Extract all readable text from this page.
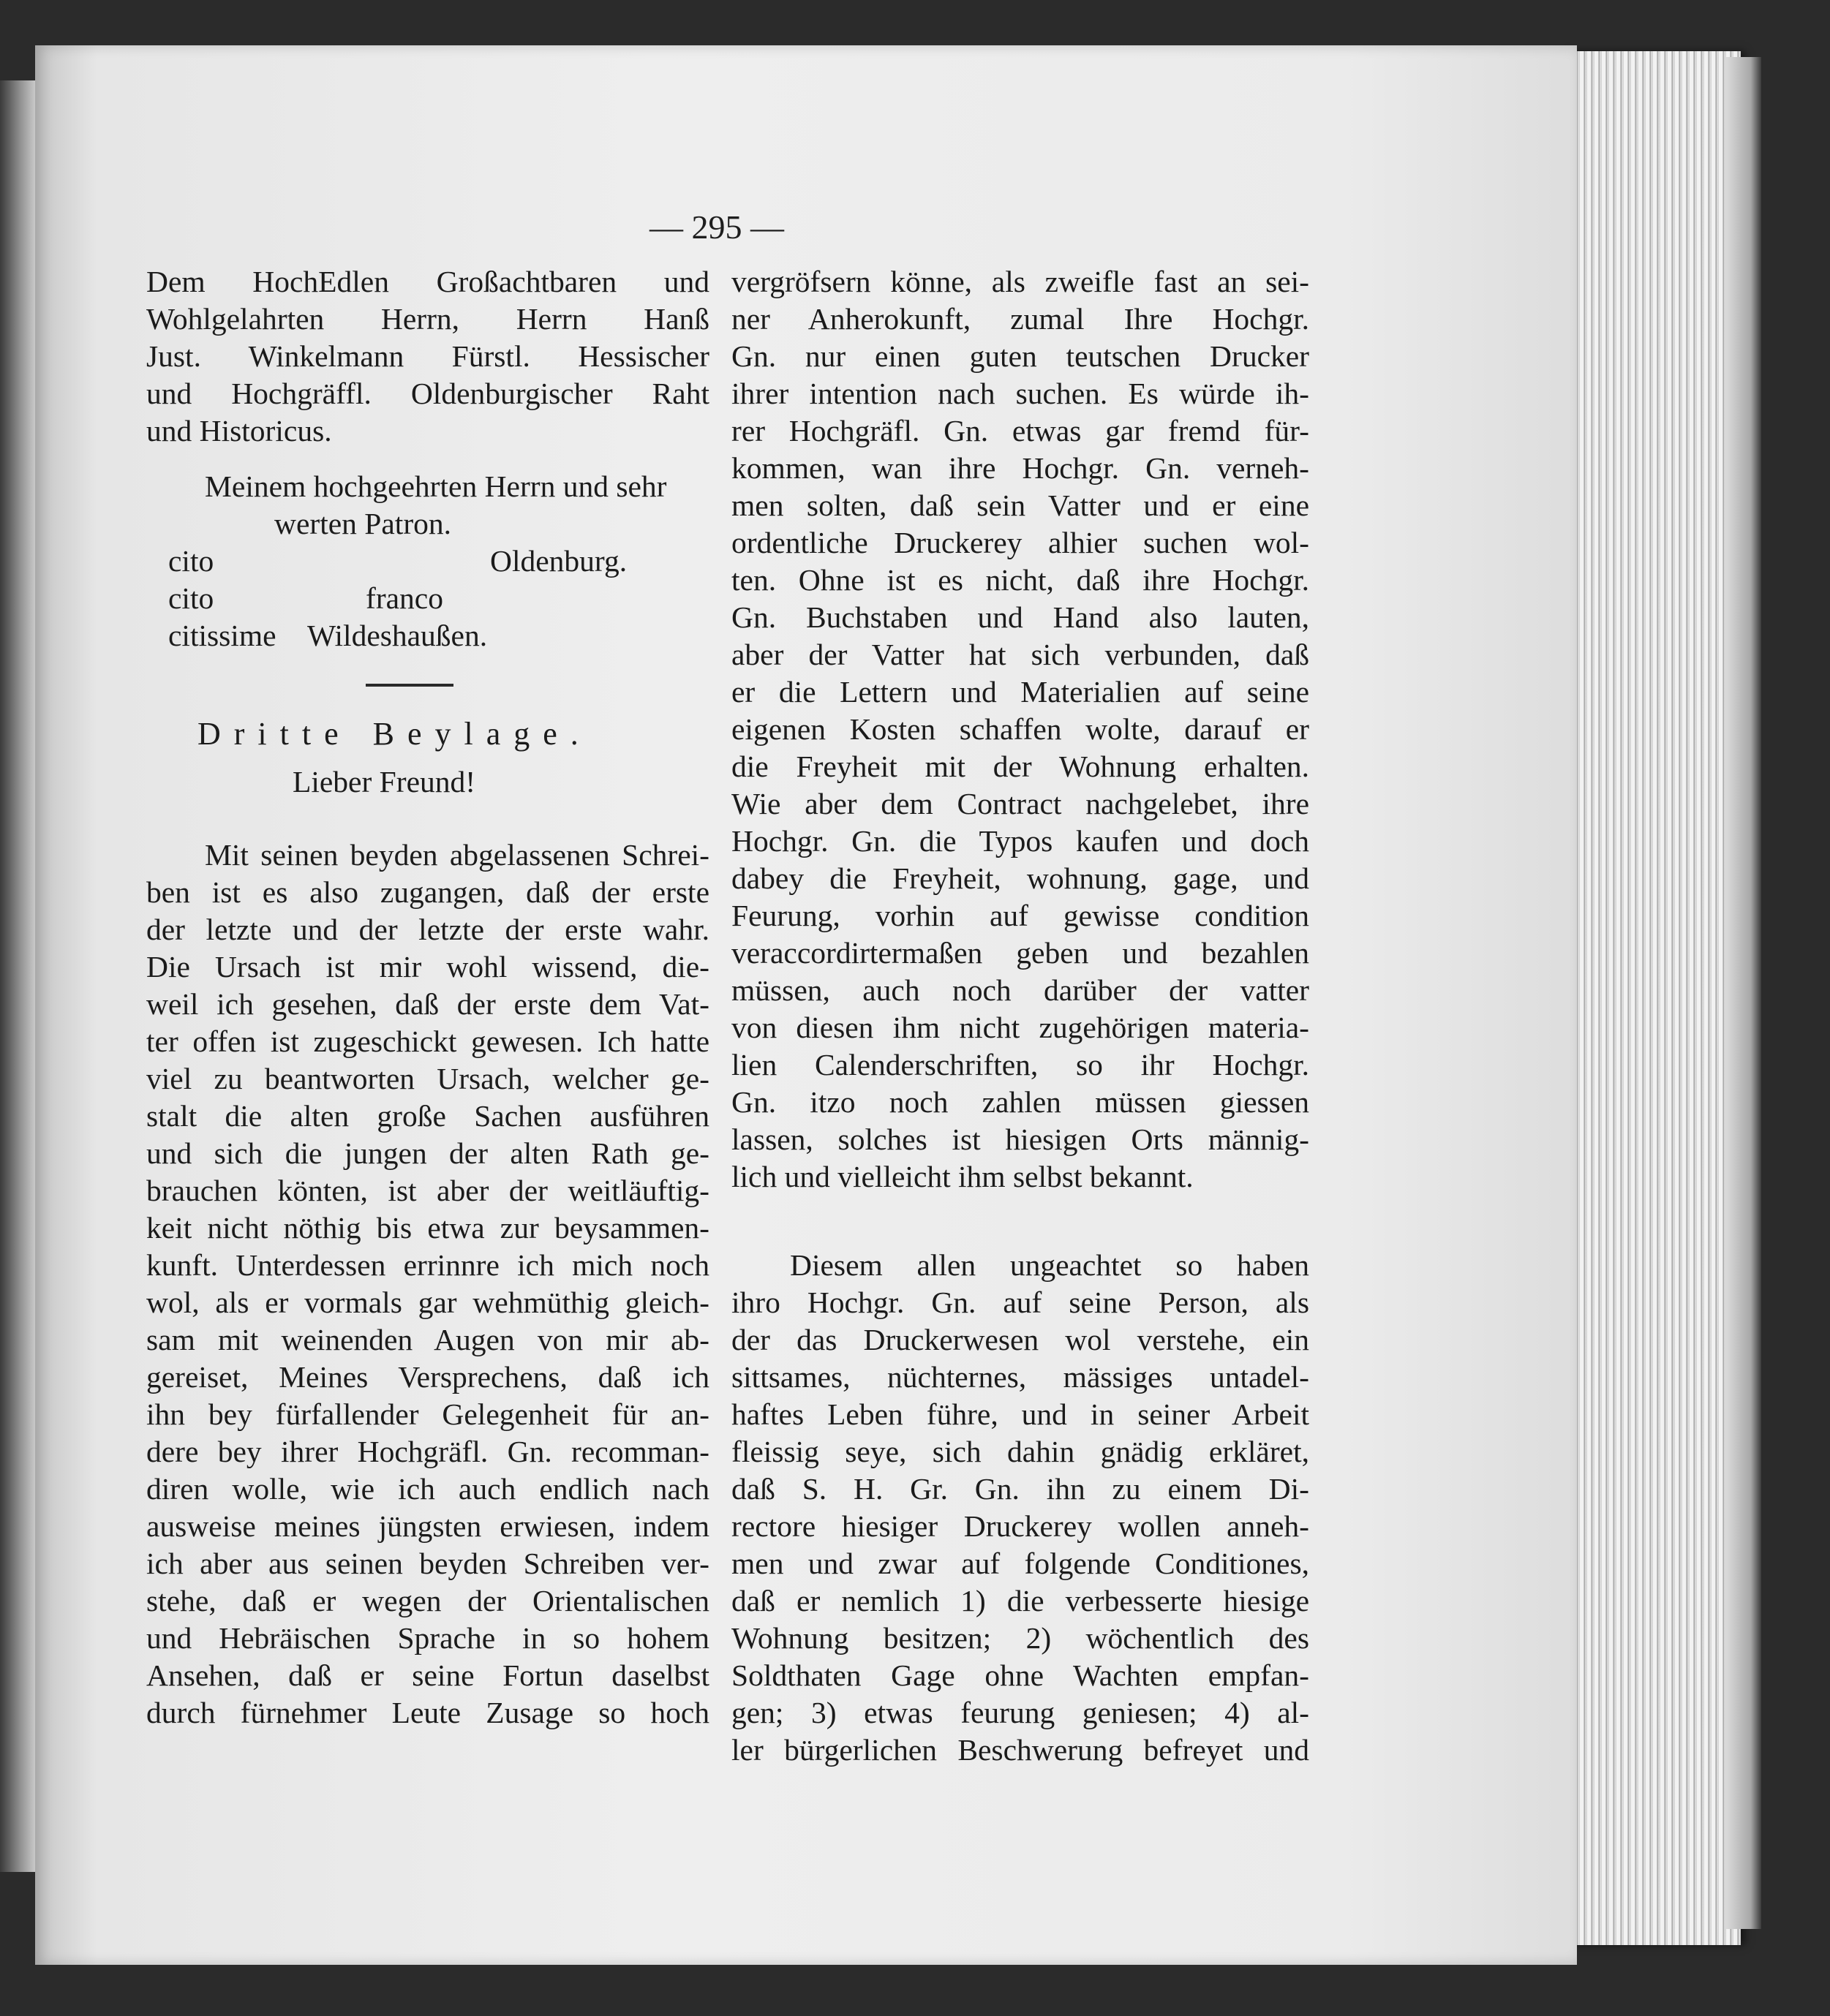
— 295 —
Dem HochEdlen Großachtbaren und
Wohlgelahrten Herrn, Herrn Hanß
Just. Winkelmann Fürstl. Hessischer
und Hochgräffl. Oldenburgischer Raht
und Historicus.
Meinem hochgeehrten Herrn und sehr
werten Patron.
cito	Oldenburg.
cito	franco
citissime Wildeshaußen.
Dritte Beylage.
Lieber Freund!
Mit seinen beyden abgelassenen Schrei-
ben ist es also zugangen, daß der erste
der letzte und der letzte der erste wahr.
Die Ursach ist mir wohl wissend, die-
weil ich gesehen, daß der erste dem Vat-
ter offen ist zugeschickt gewesen. Ich hatte
viel zu beantworten Ursach, welcher ge-
stalt die alten große Sachen ausführen
und sich die jungen der alten Rath ge-
brauchen könten, ist aber der weitläuftig-
keit nicht nöthig bis etwa zur beysammen-
kunft. Unterdessen errinnre ich mich noch
wol, als er vormals gar wehmüthig gleich-
sam mit weinenden Augen von mir ab-
gereiset, Meines Versprechens, daß ich
ihn bey fürfallender Gelegenheit für an-
dere bey ihrer Hochgräfl. Gn. recomman-
diren wolle, wie ich auch endlich nach
ausweise meines jüngsten erwiesen, indem
ich aber aus seinen beyden Schreiben ver-
stehe, daß er wegen der Orientalischen
und Hebräischen Sprache in so hohem
Ansehen, daß er seine Fortun daselbst
durch fürnehmer Leute Zusage so hoch
vergröfsern könne, als zweifle fast an sei-
ner Anherokunft, zumal Ihre Hochgr.
Gn. nur einen guten teutschen Drucker
ihrer intention nach suchen. Es würde ih-
rer Hochgräfl. Gn. etwas gar fremd für-
kommen, wan ihre Hochgr. Gn. verneh-
men solten, daß sein Vatter und er eine
ordentliche Druckerey alhier suchen wol-
ten. Ohne ist es nicht, daß ihre Hochgr.
Gn. Buchstaben und Hand also lauten,
aber der Vatter hat sich verbunden, daß
er die Lettern und Materialien auf seine
eigenen Kosten schaffen wolte, darauf er
die Freyheit mit der Wohnung erhalten.
Wie aber dem Contract nachgelebet, ihre
Hochgr. Gn. die Typos kaufen und doch
dabey die Freyheit, wohnung, gage, und
Feurung, vorhin auf gewisse condition
veraccordirtermaßen geben und bezahlen
müssen, auch noch darüber der vatter
von diesen ihm nicht zugehörigen materia-
lien Calenderschriften, so ihr Hochgr.
Gn. itzo noch zahlen müssen giessen
lassen, solches ist hiesigen Orts männig-
lich und vielleicht ihm selbst bekannt.
Diesem allen ungeachtet so haben
ihro Hochgr. Gn. auf seine Person, als
der das Druckerwesen wol verstehe, ein
sittsames, nüchternes, mässiges untadel-
haftes Leben führe, und in seiner Arbeit
fleissig seye, sich dahin gnädig erkläret,
daß S. H. Gr. Gn. ihn zu einem Di-
rectore hiesiger Druckerey wollen anneh-
men und zwar auf folgende Conditiones,
daß er nemlich 1) die verbesserte hiesige
Wohnung besitzen; 2) wöchentlich des
Soldthaten Gage ohne Wachten empfan-
gen; 3) etwas feurung geniesen; 4) al-
ler bürgerlichen Beschwerung befreyet und
